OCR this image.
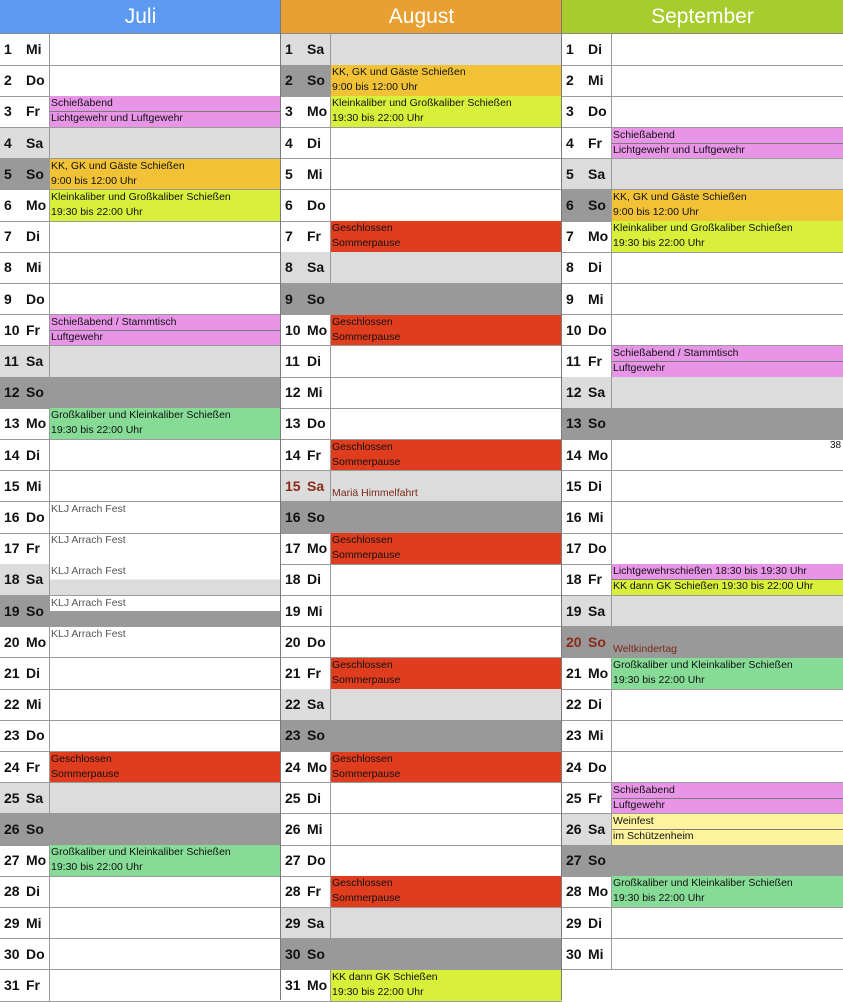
Juli
1 Mi
2 Do
3 Fr Schießabend
Lichtgewehr und Luftgewehr
4 Sa
5 So KK, GK und Gäste Schießen
9:00 bis 12:00 Uhr
6 Mo Kleinkaliber und Großkaliber Schießen
19:30 bis 22:00 Uhr
7 Di
8 Mi
9 Do
10 Fr Schießabend / Stammtisch
Luftgewehr
11 Sa
12 So
13 Mo Großkaliber und Kleinkaliber Schießen
19:30 bis 22:00 Uhr
14 Di
15 Mi
16 Do KLJ Arrach Fest
17 Fr KLJ Arrach Fest
18 Sa KLJ Arrach Fest
19 So KLJ Arrach Fest
20 Mo KLJ Arrach Fest
21 Di
22 Mi
23 Do
24 Fr Geschlossen
Sommerpause
25 Sa
26 So
27 Mo Großkaliber und Kleinkaliber Schießen
19:30 bis 22:00 Uhr
28 Di
29 Mi
30 Do
31 Fr
August
1 Sa
2 So KK, GK und Gäste Schießen
9:00 bis 12:00 Uhr
3 Mo Kleinkaliber und Großkaliber Schießen
19:30 bis 22:00 Uhr
4 Di
5 Mi
6 Do
7 Fr Geschlossen
Sommerpause
8 Sa
9 So
10 Mo Geschlossen
Sommerpause
11 Di
12 Mi
13 Do
14 Fr Geschlossen
Sommerpause
15 Sa Mariä Himmelfahrt
16 So
17 Mo Geschlossen
Sommerpause
18 Di
19 Mi
20 Do
21 Fr Geschlossen
Sommerpause
22 Sa
23 So
24 Mo Geschlossen
Sommerpause
25 Di
26 Mi
27 Do
28 Fr Geschlossen
Sommerpause
29 Sa
30 So
31 Mo KK dann GK Schießen
19:30 bis 22:00 Uhr
September
1 Di
2 Mi
3 Do
4 Fr Schießabend
Lichtgewehr und Luftgewehr
5 Sa
6 So KK, GK und Gäste Schießen
9:00 bis 12:00 Uhr
7 Mo Kleinkaliber und Großkaliber Schießen
19:30 bis 22:00 Uhr
8 Di
9 Mi
10 Do
11 Fr Schießabend / Stammtisch
Luftgewehr
12 Sa
13 So
14 Mo
15 Di
16 Mi
17 Do
18 Fr Lichtgewehrschießen 18:30 bis 19:30 Uhr
KK dann GK Schießen 19:30 bis 22:00 Uhr
19 Sa
20 So Weltkindertag
21 Mo Großkaliber und Kleinkaliber Schießen
19:30 bis 22:00 Uhr
22 Di
23 Mi
24 Do
25 Fr Schießabend
Luftgewehr
26 Sa Weinfest
im Schützenheim
27 So
28 Mo Großkaliber und Kleinkaliber Schießen
19:30 bis 22:00 Uhr
29 Di
30 Mi
38
